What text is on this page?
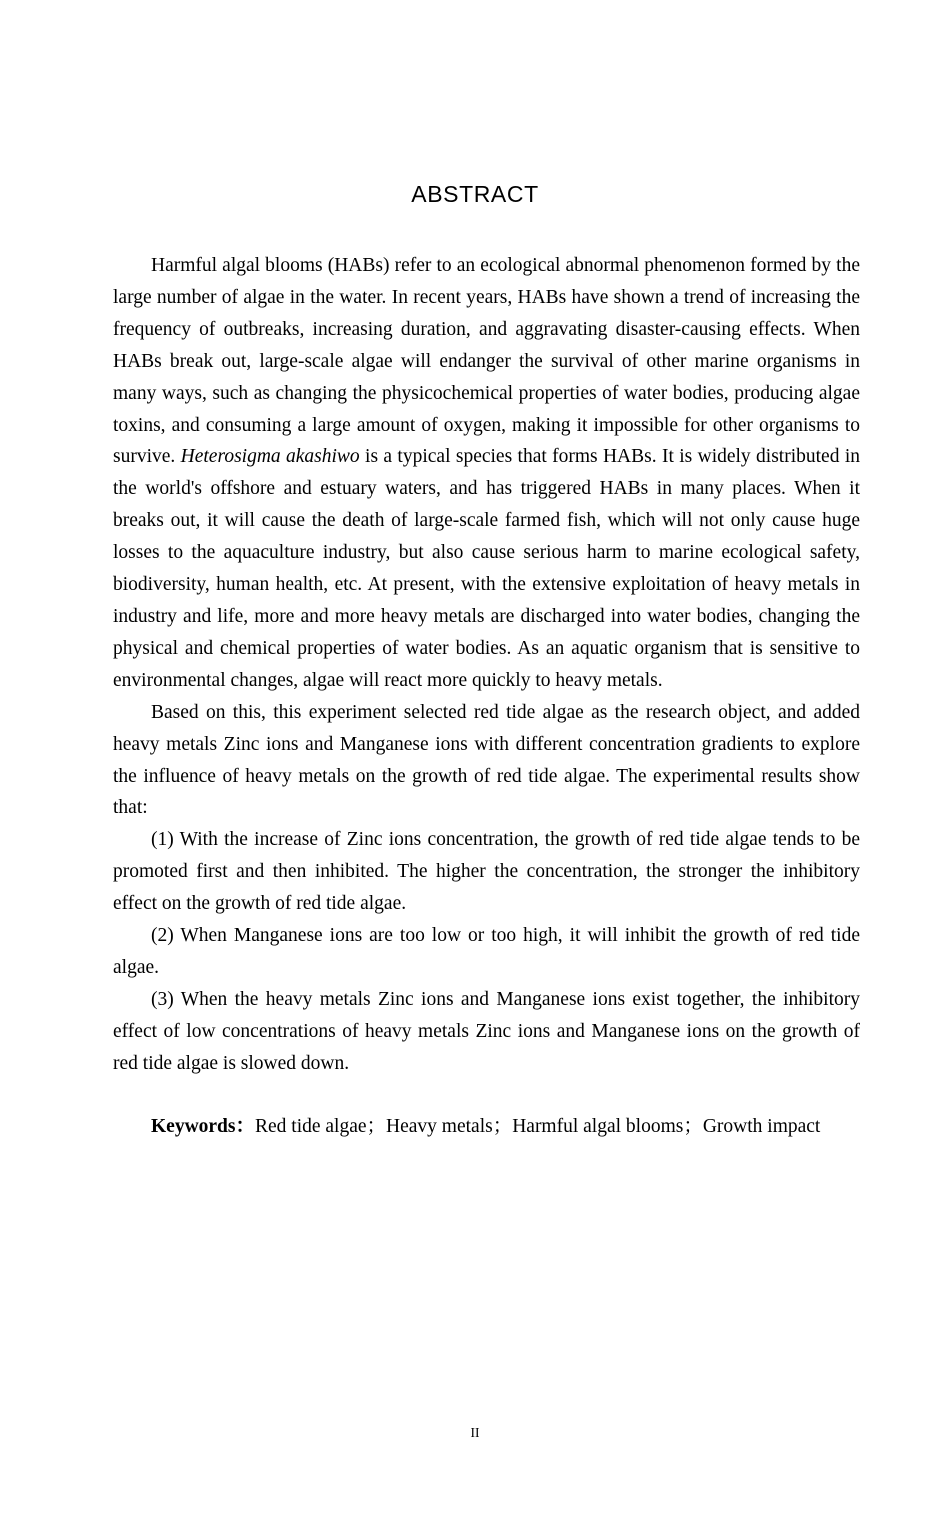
ABSTRACT

Harmful algal blooms (HABs) refer to an ecological abnormal phenomenon formed by the large number of algae in the water. In recent years, HABs have shown a trend of increasing the frequency of outbreaks, increasing duration, and aggravating disaster-causing effects. When HABs break out, large-scale algae will endanger the survival of other marine organisms in many ways, such as changing the physicochemical properties of water bodies, producing algae toxins, and consuming a large amount of oxygen, making it impossible for other organisms to survive. Heterosigma akashiwo is a typical species that forms HABs. It is widely distributed in the world's offshore and estuary waters, and has triggered HABs in many places. When it breaks out, it will cause the death of large-scale farmed fish, which will not only cause huge losses to the aquaculture industry, but also cause serious harm to marine ecological safety, biodiversity, human health, etc. At present, with the extensive exploitation of heavy metals in industry and life, more and more heavy metals are discharged into water bodies, changing the physical and chemical properties of water bodies. As an aquatic organism that is sensitive to environmental changes, algae will react more quickly to heavy metals.

Based on this, this experiment selected red tide algae as the research object, and added heavy metals Zinc ions and Manganese ions with different concentration gradients to explore the influence of heavy metals on the growth of red tide algae. The experimental results show that:

(1) With the increase of Zinc ions concentration, the growth of red tide algae tends to be promoted first and then inhibited. The higher the concentration, the stronger the inhibitory effect on the growth of red tide algae.

(2) When Manganese ions are too low or too high, it will inhibit the growth of red tide algae.

(3) When the heavy metals Zinc ions and Manganese ions exist together, the inhibitory effect of low concentrations of heavy metals Zinc ions and Manganese ions on the growth of red tide algae is slowed down.

Keywords：Red tide algae；Heavy metals；Harmful algal blooms；Growth impact

II
